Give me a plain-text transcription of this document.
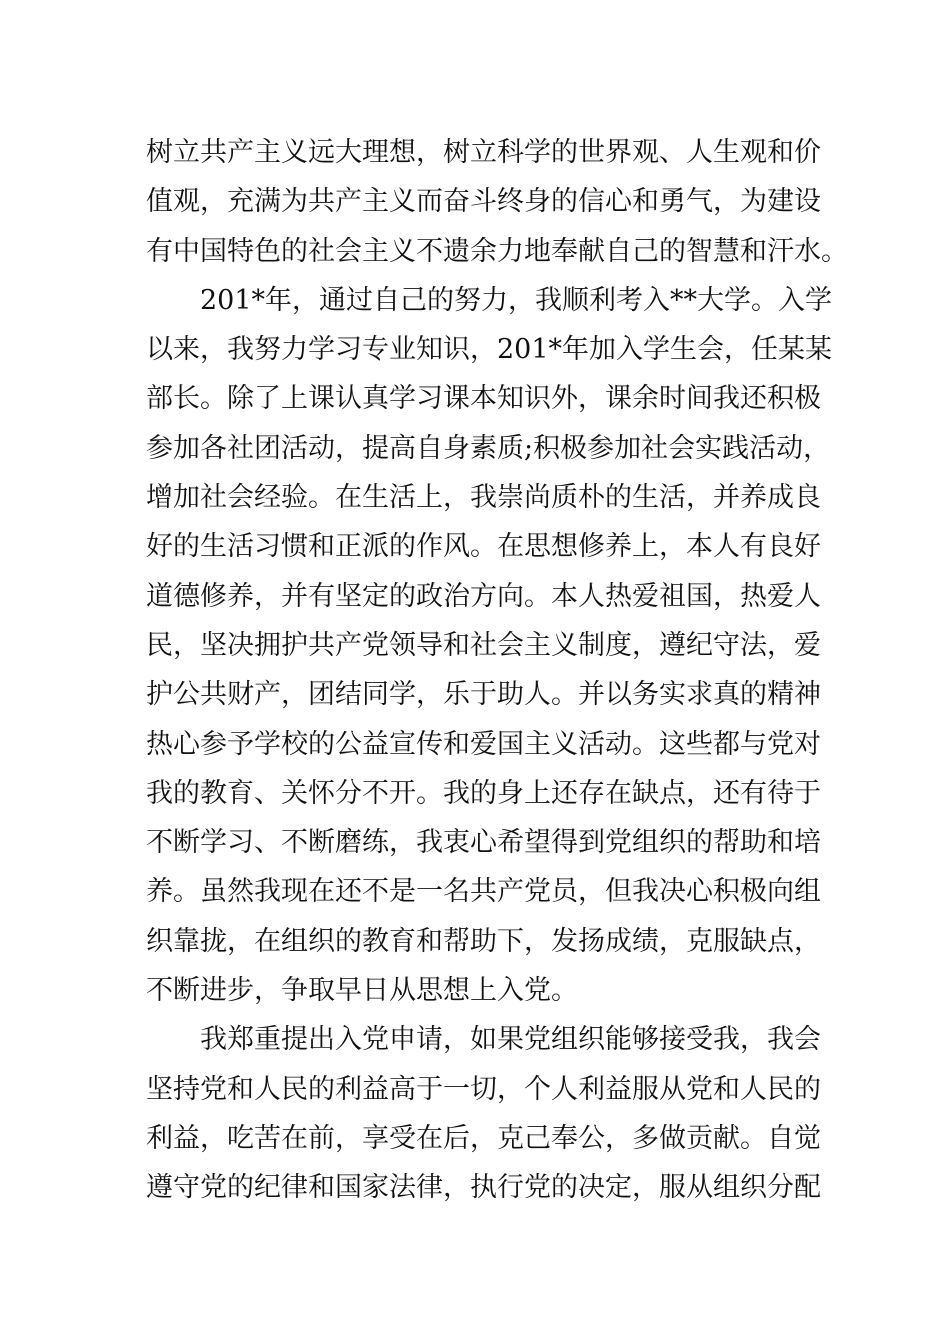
树立共产主义远大理想，树立科学的世界观、人生观和价
值观，充满为共产主义而奋斗终身的信心和勇气，为建设
有中国特色的社会主义不遗余力地奉献自己的智慧和汗水。
201*年，通过自己的努力，我顺利考入**大学。入学
以来，我努力学习专业知识，201*年加入学生会，任某某
部长。除了上课认真学习课本知识外，课余时间我还积极
参加各社团活动，提高自身素质;积极参加社会实践活动，
增加社会经验。在生活上，我崇尚质朴的生活，并养成良
好的生活习惯和正派的作风。在思想修养上，本人有良好
道德修养，并有坚定的政治方向。本人热爱祖国，热爱人
民，坚决拥护共产党领导和社会主义制度，遵纪守法，爱
护公共财产，团结同学，乐于助人。并以务实求真的精神
热心参予学校的公益宣传和爱国主义活动。这些都与党对
我的教育、关怀分不开。我的身上还存在缺点，还有待于
不断学习、不断磨练，我衷心希望得到党组织的帮助和培
养。虽然我现在还不是一名共产党员，但我决心积极向组
织靠拢，在组织的教育和帮助下，发扬成绩，克服缺点，
不断进步，争取早日从思想上入党。
我郑重提出入党申请，如果党组织能够接受我，我会
坚持党和人民的利益高于一切，个人利益服从党和人民的
利益，吃苦在前，享受在后，克己奉公，多做贡献。自觉
遵守党的纪律和国家法律，执行党的决定，服从组织分配
